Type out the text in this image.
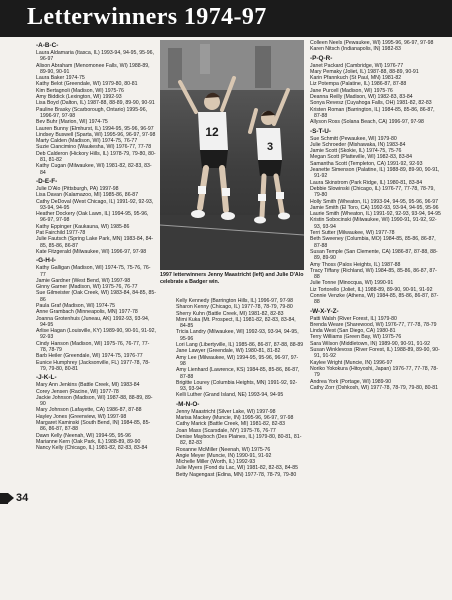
Letterwinners 1974-97
-A-B-C-
Laura Aldamaria (Itasca, IL) 1993-94, 94-95, 95-96, 96-97
Alison Abraham (Menomonee Falls, WI) 1988-89, 89-90, 90-91
Laura Baker 1974-75
Kathy Belot (Greendale, WI) 1979-80, 80-81
Kim Bertagnoli (Madison, WI) 1975-76
Amy Biddick (Lexington, WI) 1992-93
Lisa Boyd (Dalton, IL) 1987-88, 88-89, 89-90, 90-91
Pauline Brasky (Scarborough, Ontario) 1995-96, 1996-97, 97-98
Bev Buhr (Marion, WI) 1974-75
Lauren Bunny (Elmhurst, IL) 1994-95, 95-96, 96-97
Lindsey Buswell (Sparta, WI) 1995-96, 96-97, 97-98
Marty Calden (Madison, WI) 1974-75, 76-77
Suzie Ciancimino (Waukesha, WI) 1976-77, 77-78
Deb Calderon (Hickory Hills, IL) 1978-79, 79-80, 80-81, 81-82
Kathy Cugan (Milwaukee, WI) 1981-82, 82-83, 83-84
-D-E-F-
Julie D'Alo (Pittsburgh, PA) 1997-98
Lisa Davan (Kalamazoo, MI) 1985-86, 86-87
Cathy DeDoval (West Chicago, IL) 1991-92, 92-93, 93-94, 94-95
Heather Dockery (Oak Lawn, IL) 1994-95, 95-96, 96-97, 97-98
Kathy Eppinger (Kaukauna, WI) 1985-86
Pat Fairchild 1977-78
Julie Fautsch (Spring Lake Park, MN) 1983-84, 84-85, 85-86, 86-87
Kate Fitzgerald (Milwaukee, WI) 1996-97, 97-98
-G-H-I-
Kathy Galligan (Madison, WI) 1974-75, 75-76, 76-77
Jamie Gardner (West Bend, WI) 1997-98
Ginny Garner (Madison, WI) 1975-76, 76-77
Sue Gilmeister (Oak Creek, WI) 1983-84, 84-85, 85-86
Paula Graf (Madison, WI) 1974-75
Anne Grambach (Minneapolis, MN) 1977-78
Joanna Grotenhuis (Juneau, AK) 1992-93, 93-94, 94-95
Arlise Hagan (Louisville, KY) 1989-90, 90-91, 91-92, 92-93
Cindy Hanson (Madison, WI) 1975-76, 76-77, 77-78, 78-79
Barb Heiler (Greendale, WI) 1974-75, 1976-77
Eunice Humphrey (Jacksonville, FL) 1977-78, 78-79, 79-80, 80-81
-J-K-L-
Mary Ann Jenkins (Battle Creek, MI) 1983-84
Corey Jensen (Racine, WI) 1977-78
Jackie Johnson (Madison, WI) 1987-88, 88-89, 89-90
Mary Johnson (Lafayette, CA) 1986-87, 87-88
Hayley Jones (Greenview, WI) 1997-98
Margaret Kaminski (South Bend, IN) 1984-85, 85-86, 86-87, 87-88
Dawn Kelly (Neenah, WI) 1994-95, 95-96
Marianne Kern (Oak Park, IL) 1988-89, 89-90
Nancy Kelly (Chicago, IL) 1981-82, 82-83, 83-84
12
3
1997 letterwinners Jenny Maastricht (left) and Julie D'Alo celebrate a Badger win.
Kelly Kennedy (Barrington Hills, IL) 1996-97, 97-98
Sharon Kenny (Chicago, IL) 1977-78, 78-79, 79-80
Sherry Kuhn (Battle Creek, MI) 1981-82, 82-83
Mimi Kuka (Mt. Prospect, IL) 1981-82, 82-83, 83-84, 84-85
Tricia Landry (Milwaukee, WI) 1992-93, 93-94, 94-95, 95-96
Lori Lang (Libertyville, IL) 1985-86, 86-87, 87-88, 88-89
Jane Lawyer (Greendale, WI) 1980-81, 81-82
Amy Lee (Milwaukee, WI) 1994-95, 95-96, 96-97, 97-98
Amy Lienhard (Lawrence, KS) 1984-85, 85-86, 86-87, 87-88
Brigitte Lourey (Columbia Heights, MN) 1991-92, 92-93, 93-94
Kelli Luther (Grand Island, NE) 1993-94, 94-95
-M-N-O-
Jenny Maastricht (Silver Lake, WI) 1997-98
Marisa Mackey (Muncie, IN) 1995-96, 96-97, 97-98
Cathy Marick (Battle Creek, MI) 1981-82, 82-83
Joan Mass (Scarsdale, NY) 1975-76, 76-77
Denise Mayboch (Des Plaines, IL) 1979-80, 80-81, 81-82, 82-83
Roxanne McMiller (Neenah, WI) 1975-76
Angie Meyer (Muncie, IN) 1990-91, 91-92
Michelle Miller (Worth, IL) 1992-93
Julie Myers (Fond du Lac, WI) 1981-82, 82-83, 84-85
Betty Nagengast (Edina, MN) 1977-78, 78-79, 79-80
Colleen Neels (Pewaukee, WI) 1995-96, 96-97, 97-98
Karen Nitsch (Indianapolis, IN) 1982-83
-P-Q-R-
Janet Packard (Cambridge, WI) 1976-77
Mary Pemaky (Joliet, IL) 1987-88, 88-89, 90-91
Karin Pfannkuch (St Paul, MN) 1981-82
Liz Potempa (Palatine, IL) 1986-87, 87-88
Jane Purcell (Madison, WI) 1975-76
Deanna Reilly (Madison, WI) 1982-83, 83-84
Sonya Revesz (Cuyahoga Falls, OH) 1981-82, 82-83
Kristen Roman (Barrington, IL) 1984-85, 85-86, 86-87, 87-88
Allyson Ross (Solana Beach, CA) 1996-97, 97-98
-S-T-U-
Sue Schmitt (Pewaukee, WI) 1979-80
Julie Schroeder (Mishawaka, IN) 1983-84
Jamie Scott (Skokie, IL) 1974-75, 75-76
Megan Scott (Platteville, WI) 1982-83, 83-84
Samantha Scott (Templeton, CA) 1991-92, 92-93
Jeanette Simenson (Palatine, IL) 1988-89, 89-90, 90-91, 91-92
Laura Skinstrom (Park Ridge, IL) 1980-81, 83-84
Debbie Slowinski (Chicago, IL) 1976-77, 77-78, 78-79, 79-80
Holly Smith (Wheaton, IL) 1993-94, 94-95, 95-96, 96-97
Jamie Smith (El Toro, CA) 1992-93, 93-94, 94-95, 95-96
Laurie Smith (Wheaton, IL) 1991-92, 92-93, 93-94, 94-95
Kristin Sobocinski (Milwaukee, WI) 1990-91, 91-92, 92-93, 93-94
Terri Sutter (Milwaukee, WI) 1977-78
Beth Sweeney (Columbia, MO) 1984-85, 85-86, 86-87, 87-88
Susan Temple (San Clemente, CA) 1986-87, 87-88, 88-89, 89-90
Amy Thoss (Palos Heights, IL) 1987-88
Tracy Tiffany (Richland, WI) 1984-85, 85-86, 86-87, 87-88
Julie Tonne (Minocqua, WI) 1990-91
Liz Tortorello (Joliet, IL) 1988-89, 89-90, 90-91, 91-92
Connie Venzke (Athens, WI) 1984-85, 85-86, 86-87, 87-88
-W-X-Y-Z-
Patti Walsh (River Forest, IL) 1979-80
Brenda Weare (Sharewood, WI) 1976-77, 77-78, 78-79
Linda West (San Diego, CA) 1980-81
Terry Williams (Green Bay, WI) 1975-76
Sara Wilson (Middletown, IN) 1989-90, 90-91, 91-92
Susan Winklevoss (River Forest, IL) 1988-89, 89-90, 90-91, 91-92
Kaylee Wright (Muncie, IN) 1996-97
Noriko Yokokura (Hitoyoshi, Japan) 1976-77, 77-78, 78-79
Andrea York (Portage, WI) 1989-90
Cathy Zorr (Oshkosh, WI) 1977-78, 78-79, 79-80, 80-81
34
